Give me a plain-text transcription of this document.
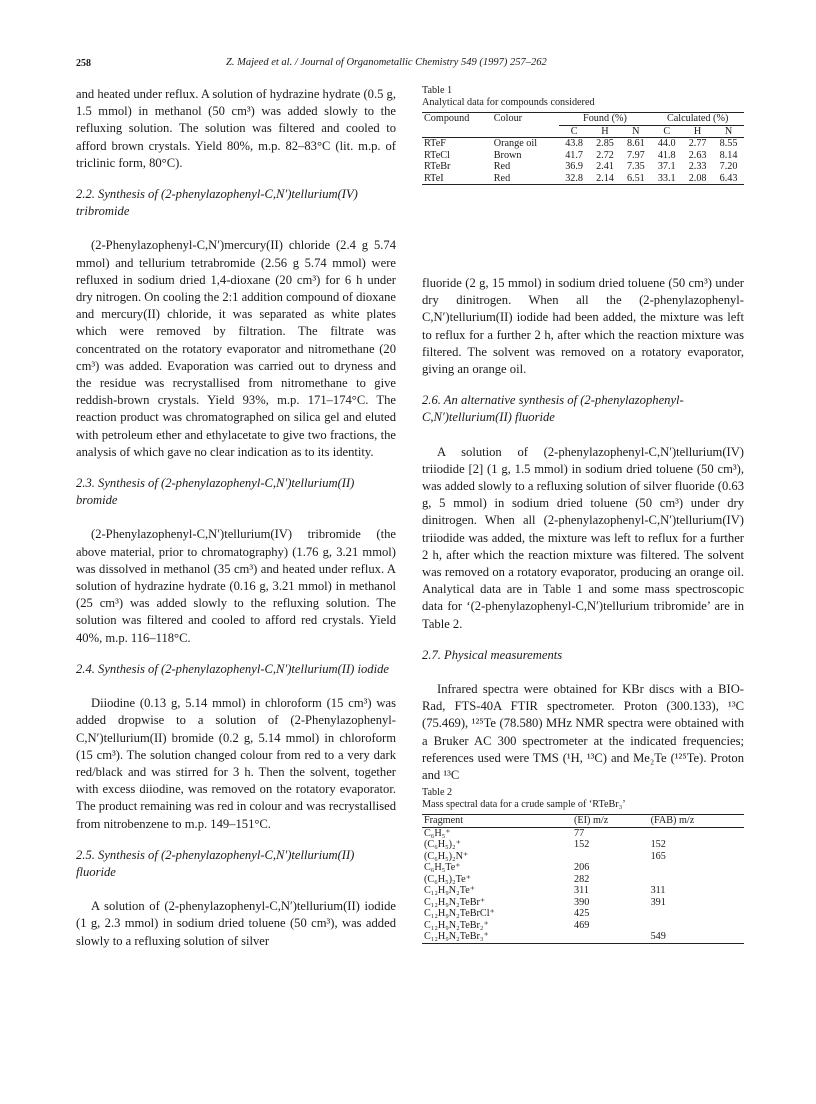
258	Z. Majeed et al. / Journal of Organometallic Chemistry 549 (1997) 257–262

and heated under reflux. A solution of hydrazine hydrate (0.5 g, 1.5 mmol) in methanol (50 cm³) was added slowly to the refluxing solution. The solution was filtered and cooled to afford brown crystals. Yield 80%, m.p. 82–83°C (lit. m.p. of triclinic form, 80°C).

2.2. Synthesis of (2-phenylazophenyl-C,N′)tellurium(IV) tribromide

(2-Phenylazophenyl-C,N′)mercury(II) chloride (2.4 g 5.74 mmol) and tellurium tetrabromide (2.56 g 5.74 mmol) were refluxed in sodium dried 1,4-dioxane (20 cm³) for 6 h under dry nitrogen. On cooling the 2:1 addition compound of dioxane and mercury(II) chloride, it was separated as white plates which were removed by filtration. The filtrate was concentrated on the rotatory evaporator and nitromethane (20 cm³) was added. Evaporation was carried out to dryness and the residue was recrystallised from nitromethane to give reddish-brown crystals. Yield 93%, m.p. 171–174°C. The reaction product was chromatographed on silica gel and eluted with petroleum ether and ethylacetate to give two fractions, the analysis of which gave no clear indication as to its identity.

2.3. Synthesis of (2-phenylazophenyl-C,N′)tellurium(II) bromide

(2-Phenylazophenyl-C,N′)tellurium(IV) tribromide (the above material, prior to chromatography) (1.76 g, 3.21 mmol) was dissolved in methanol (35 cm³) and heated under reflux. A solution of hydrazine hydrate (0.16 g, 3.21 mmol) in methanol (25 cm³) was added slowly to the refluxing solution. The solution was filtered and cooled to afford red crystals. Yield 40%, m.p. 116–118°C.

2.4. Synthesis of (2-phenylazophenyl-C,N′)tellurium(II) iodide

Diiodine (0.13 g, 5.14 mmol) in chloroform (15 cm³) was added dropwise to a solution of (2-Phenylazophenyl-C,N′)tellurium(II) bromide (0.2 g, 5.14 mmol) in chloroform (15 cm³). The solution changed colour from red to a very dark red/black and was stirred for 3 h. Then the solvent, together with excess diiodine, was removed on the rotatory evaporator. The product remaining was red in colour and was recrystallised from nitrobenzene to m.p. 149–151°C.

2.5. Synthesis of (2-phenylazophenyl-C,N′)tellurium(II) fluoride

A solution of (2-phenylazophenyl-C,N′)tellurium(II) iodide (1 g, 2.3 mmol) in sodium dried toluene (50 cm³), was added slowly to a refluxing solution of silver

Table 1
Analytical data for compounds considered
Compound	Colour	Found (%)			Calculated (%)		
		C	H	N	C	H	N
RTeF	Orange oil	43.8	2.85	8.61	44.0	2.77	8.55
RTeCl	Brown	41.7	2.72	7.97	41.8	2.63	8.14
RTeBr	Red	36.9	2.41	7.35	37.1	2.33	7.20
RTeI	Red	32.8	2.14	6.51	33.1	2.08	6.43

fluoride (2 g, 15 mmol) in sodium dried toluene (50 cm³) under dry dinitrogen. When all the (2-phenylazophenyl-C,N′)tellurium(II) iodide had been added, the mixture was left to reflux for a further 2 h, after which the reaction mixture was filtered. The solvent was removed on a rotatory evaporator, giving an orange oil.

2.6. An alternative synthesis of (2-phenylazophenyl-C,N′)tellurium(II) fluoride

A solution of (2-phenylazophenyl-C,N′)tellurium(IV) triiodide [2] (1 g, 1.5 mmol) in sodium dried toluene (50 cm³), was added slowly to a refluxing solution of silver fluoride (0.63 g, 5 mmol) in sodium dried toluene (50 cm³) under dry dinitrogen. When all (2-phenylazophenyl-C,N′)tellurium(IV) triiodide was added, the mixture was left to reflux for a further 2 h, after which the reaction mixture was filtered. The solvent was removed on a rotatory evaporator, producing an orange oil. Analytical data are in Table 1 and some mass spectroscopic data for ‘(2-phenylazophenyl-C,N′)tellurium tribromide’ are in Table 2.

2.7. Physical measurements

Infrared spectra were obtained for KBr discs with a BIO-Rad, FTS-40A FTIR spectrometer. Proton (300.133), ¹³C (75.469), ¹²⁵Te (78.580) MHz NMR spectra were obtained with a Bruker AC 300 spectrometer at the indicated frequencies; references used were TMS (¹H, ¹³C) and Me₂Te (¹²⁵Te). Proton and ¹³C

Table 2
Mass spectral data for a crude sample of ‘RTeBr₃’
Fragment	(EI) m/z	(FAB) m/z
C₆H₅⁺	77	
(C₆H₅)₂⁺	152	152
(C₆H₅)₂N⁺		165
C₆H₅Te⁺	206	
(C₆H₅)₂Te⁺	282	
C₁₂H₉N₂Te⁺	311	311
C₁₂H₉N₂TeBr⁺	390	391
C₁₂H₉N₂TeBrCl⁺	425	
C₁₂H₉N₂TeBr₂⁺	469	
C₁₂H₉N₂TeBr₃⁺		549
